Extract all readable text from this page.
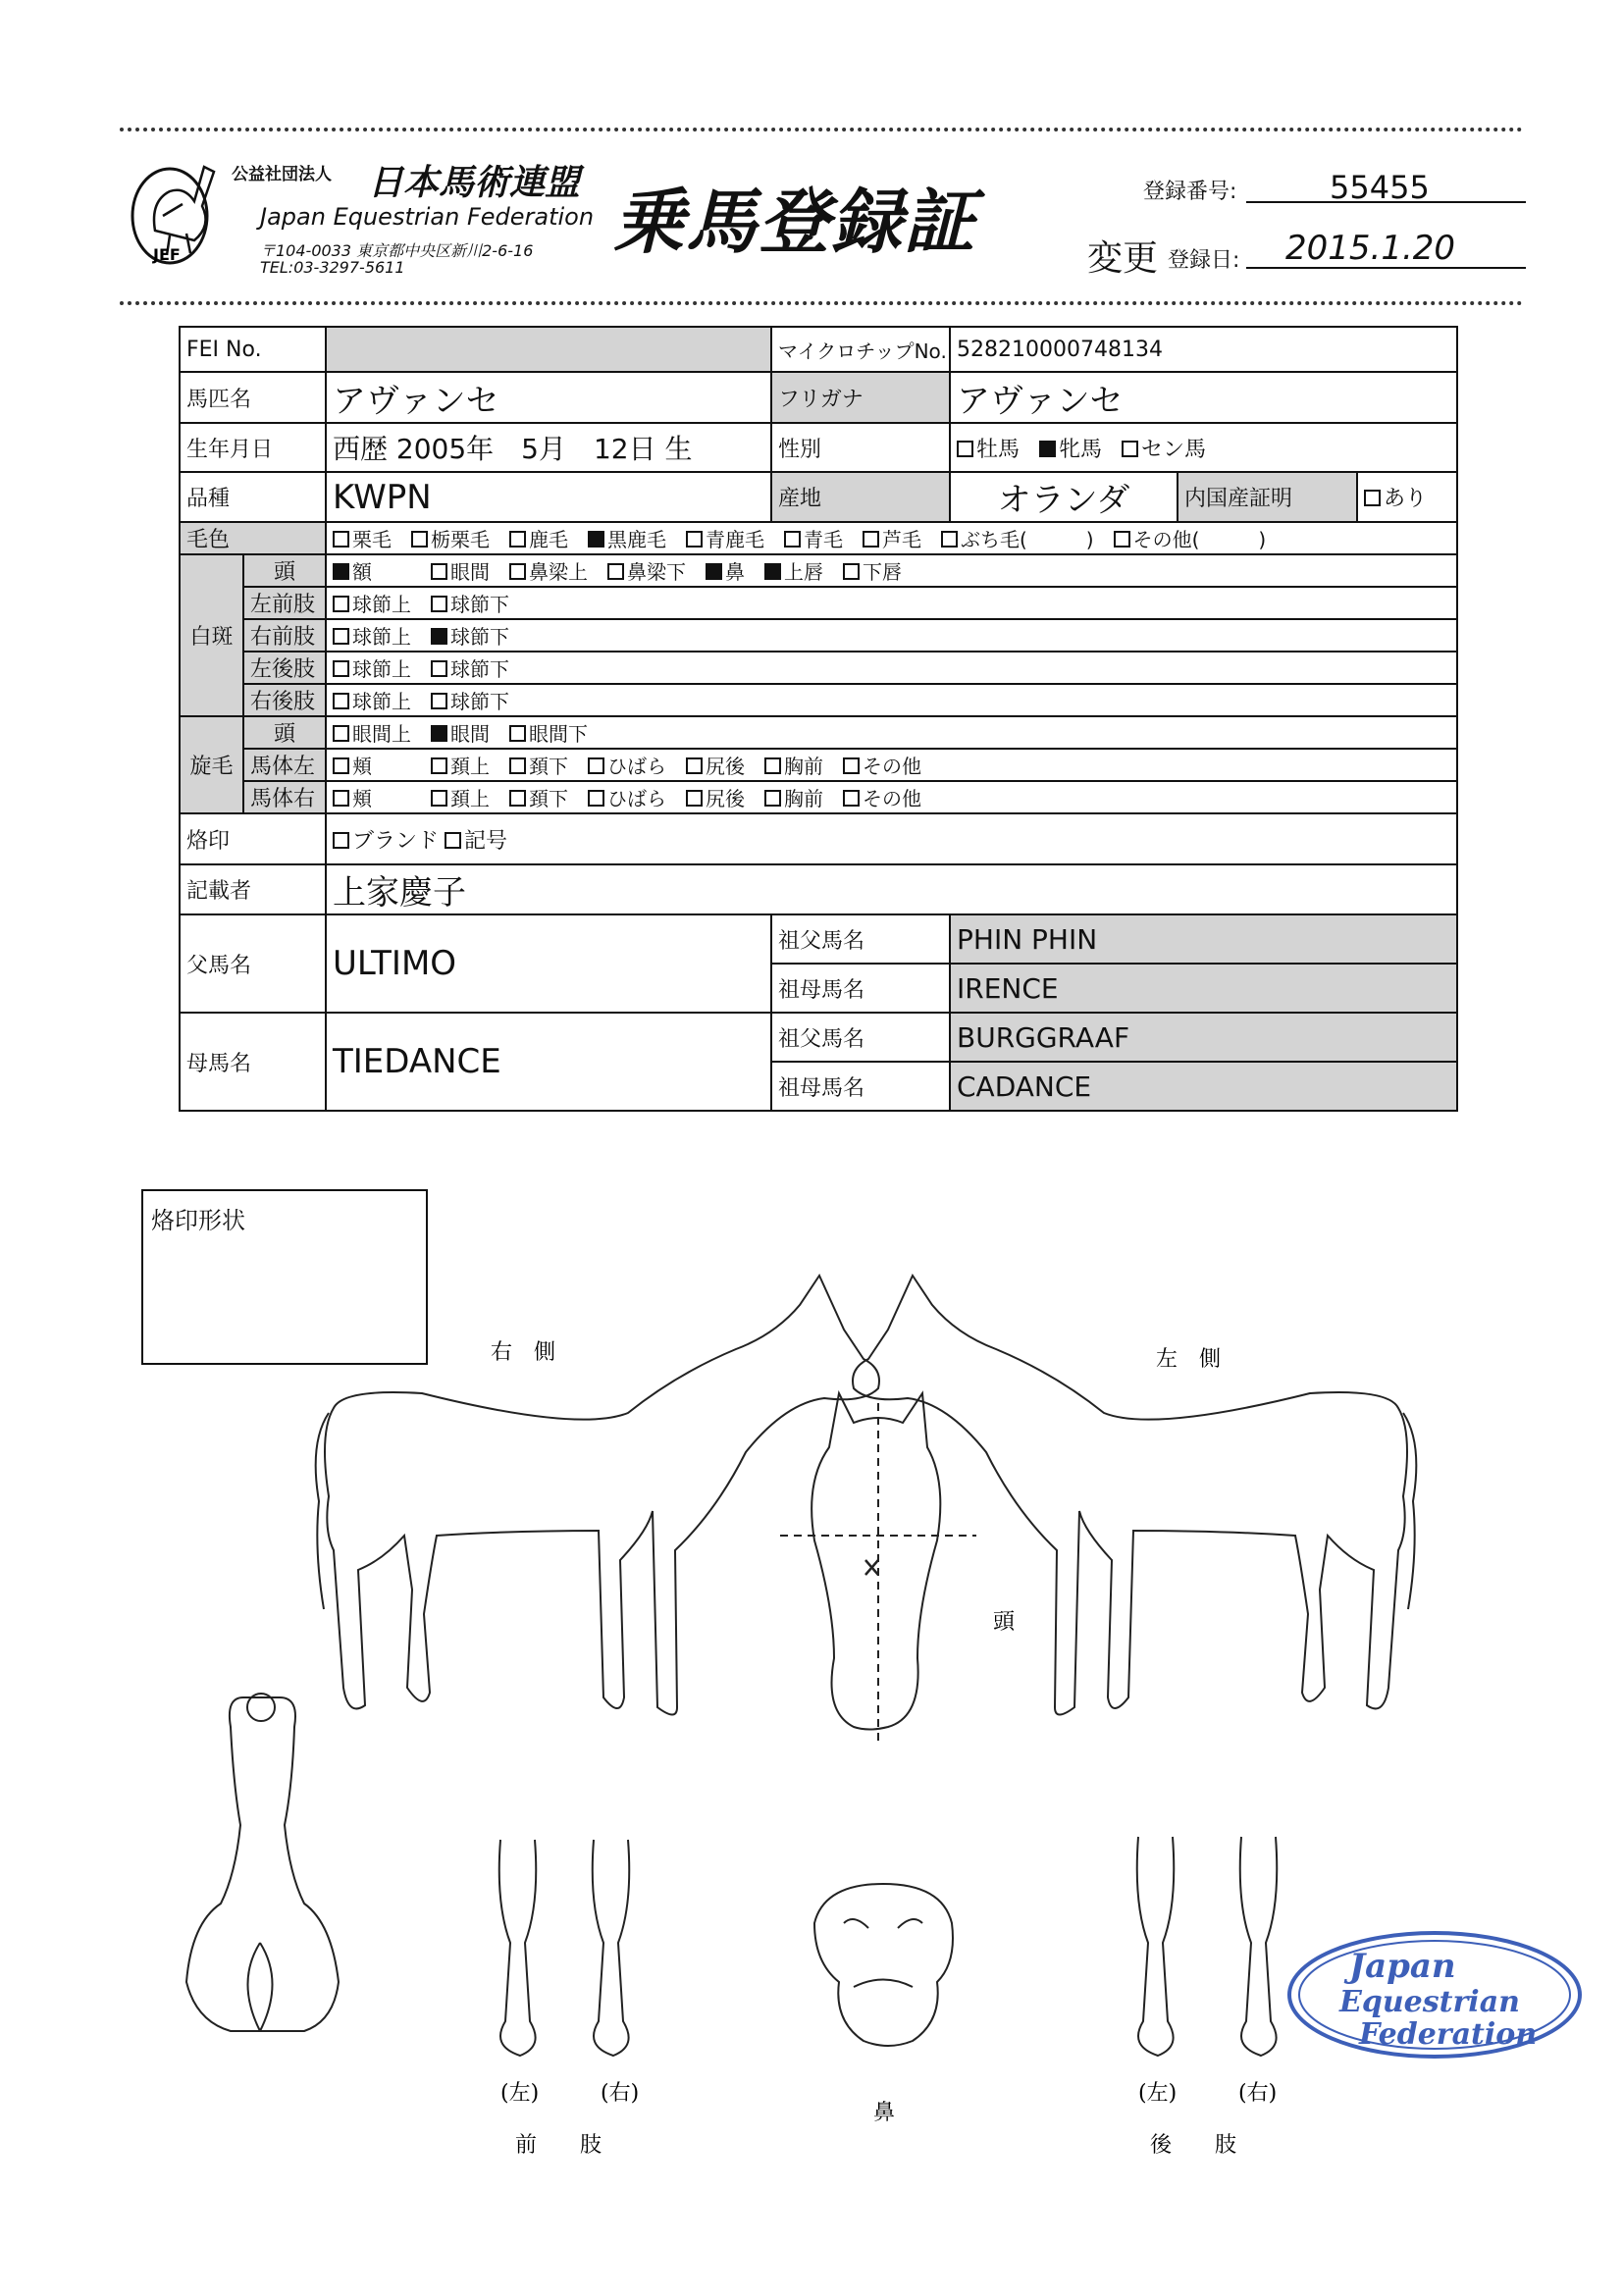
JEF
公益社団法人 日本馬術連盟
Japan Equestrian Federation
〒104-0033 東京都中央区新川2-6-16
TEL:03-3297-5611
乗馬登録証	登録番号:	55455
変更 登録日: 2015.1.20
FEI No.			マイクロチップNo.	528210000748134		
馬匹名		アヴァンセ	フリガナ	アヴァンセ		
生年月日		西歴 2005年　5月　12日 生	性別	牡馬 牝馬 セン馬		
品種		KWPN	産地	オランダ	内国産証明	あり
毛色		栗毛 栃栗毛 鹿毛 黒鹿毛 青鹿毛 青毛 芦毛 ぶち毛(　　　) その他(　　　)				
白斑	頭	額 眼間 鼻梁上 鼻梁下 鼻 上唇 下唇				
	左前肢	球節上 球節下				
	右前肢	球節上 球節下				
	左後肢	球節上 球節下				
	右後肢	球節上 球節下				
旋毛	頭	眼間上 眼間 眼間下				
	馬体左	頬 頚上 頚下 ひばら 尻後 胸前 その他				
	馬体右	頬 頚上 頚下 ひばら 尻後 胸前 その他				
烙印		ブランド 記号				
記載者		上家慶子				
父馬名		ULTIMO	祖父馬名	PHIN PHIN		
			祖母馬名	IRENCE		
母馬名		TIEDANCE	祖父馬名	BURGGRAAF		
			祖母馬名	CADANCE		
烙印形状
右　側	左　側
頭
(左)	(右)
前　　肢
鼻
(左)	(右)
後　　肢
Japan
Equestrian
Federation
